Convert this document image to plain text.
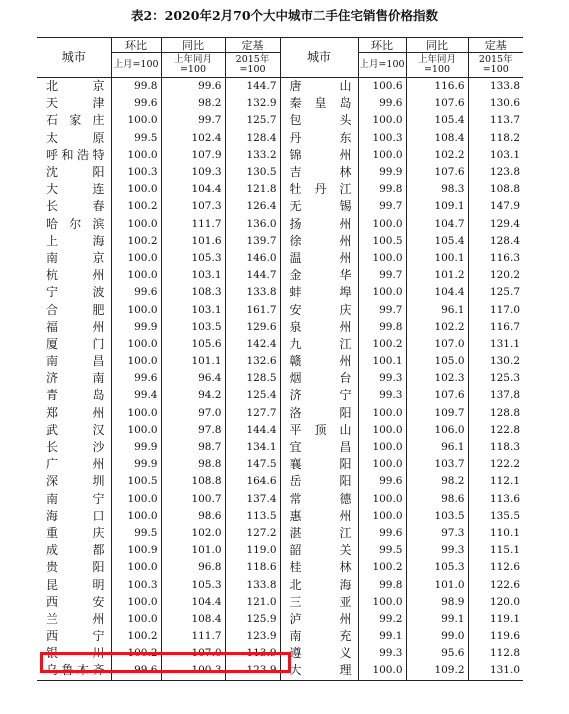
表2：2020年2月70个大中城市二手住宅销售价格指数
城市	环比	同比	定基	城市	环比	同比	定基
	上月=100	上年同月=100	2015年=100		上月=100	上年同月=100	2015年=100
北京	99.8	99.6	144.7	唐山	100.6	116.6	133.8
天津	99.6	98.2	132.9	秦皇岛	99.6	107.6	130.6
石家庄	100.0	99.7	125.7	包头	100.0	105.4	113.7
太原	99.5	102.4	128.4	丹东	100.3	108.4	118.2
呼和浩特	100.0	107.9	133.2	锦州	100.0	102.2	103.1
沈阳	100.3	109.3	130.5	吉林	99.9	107.6	123.8
大连	100.0	104.4	121.8	牡丹江	99.8	98.3	108.8
长春	100.2	107.3	126.4	无锡	99.7	109.1	147.9
哈尔滨	100.0	111.7	136.0	扬州	100.0	104.7	129.4
上海	100.2	101.6	139.7	徐州	100.5	105.4	128.4
南京	100.0	105.3	146.0	温州	100.0	100.1	116.3
杭州	100.0	103.1	144.7	金华	99.7	101.2	120.2
宁波	99.6	108.3	133.8	蚌埠	100.0	104.4	125.7
合肥	100.0	103.1	161.7	安庆	99.7	96.1	117.0
福州	99.9	103.5	129.6	泉州	99.8	102.2	116.7
厦门	100.0	105.6	142.4	九江	100.2	107.0	131.1
南昌	100.0	101.1	132.6	赣州	100.1	105.0	130.2
济南	99.6	96.4	128.5	烟台	99.3	102.3	125.3
青岛	99.4	94.2	125.4	济宁	99.3	107.6	137.8
郑州	100.0	97.0	127.7	洛阳	100.0	109.7	128.8
武汉	100.0	97.8	144.4	平顶山	100.0	106.0	122.8
长沙	99.9	98.7	134.1	宜昌	100.0	96.1	118.3
广州	99.9	98.8	147.5	襄阳	100.0	103.7	122.2
深圳	100.5	108.8	164.6	岳阳	99.6	98.2	112.1
南宁	100.0	100.7	137.4	常德	100.0	98.6	113.6
海口	100.0	98.6	113.5	惠州	100.0	103.5	135.5
重庆	99.5	102.0	127.2	湛江	99.6	97.3	110.1
成都	100.9	101.0	119.0	韶关	99.5	99.3	115.1
贵阳	100.0	96.8	118.6	桂林	100.2	105.3	112.6
昆明	100.3	105.3	133.8	北海	99.8	101.0	122.6
西安	100.0	104.4	121.0	三亚	100.0	98.9	120.0
兰州	100.0	108.4	125.9	泸州	99.2	99.1	119.1
西宁	100.2	111.7	123.9	南充	99.1	99.0	119.6
银川	100.2	107.0	113.9	遵义	99.3	95.6	112.8
乌鲁木齐	99.6	100.3	123.9	大理	100.0	109.2	131.0
